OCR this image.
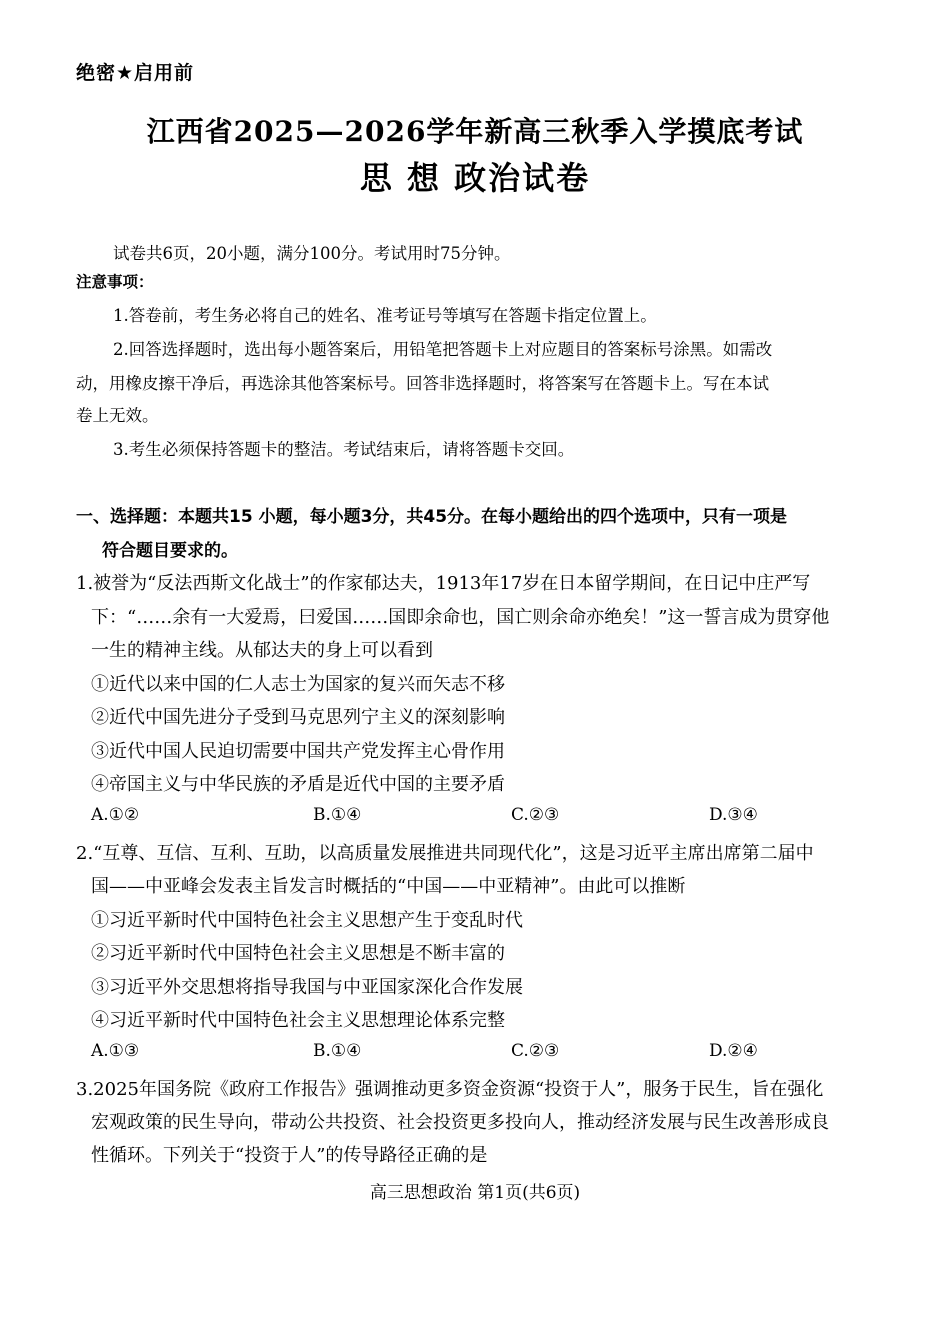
绝密★启用前
江西省2025—2026学年新高三秋季入学摸底考试
思 想 政治试卷
试卷共6页，20小题，满分100分。考试用时75分钟。
注意事项：
1.答卷前，考生务必将自己的姓名、准考证号等填写在答题卡指定位置上。
2.回答选择题时，选出每小题答案后，用铅笔把答题卡上对应题目的答案标号涂黑。如需改
动，用橡皮擦干净后，再选涂其他答案标号。回答非选择题时，将答案写在答题卡上。写在本试
卷上无效。
3.考生必须保持答题卡的整洁。考试结束后，请将答题卡交回。
一、选择题：本题共15 小题，每小题3分，共45分。在每小题给出的四个选项中，只有一项是
符合题目要求的。
1.被誉为“反法西斯文化战士”的作家郁达夫，1913年17岁在日本留学期间，在日记中庄严写
下：“……余有一大爱焉，曰爱国……国即余命也，国亡则余命亦绝矣！”这一誓言成为贯穿他
一生的精神主线。从郁达夫的身上可以看到
①近代以来中国的仁人志士为国家的复兴而矢志不移
②近代中国先进分子受到马克思列宁主义的深刻影响
③近代中国人民迫切需要中国共产党发挥主心骨作用
④帝国主义与中华民族的矛盾是近代中国的主要矛盾
A.①②	B.①④	C.②③	D.③④
2.“互尊、互信、互利、互助，以高质量发展推进共同现代化”，这是习近平主席出席第二届中
国——中亚峰会发表主旨发言时概括的“中国——中亚精神”。由此可以推断
①习近平新时代中国特色社会主义思想产生于变乱时代
②习近平新时代中国特色社会主义思想是不断丰富的
③习近平外交思想将指导我国与中亚国家深化合作发展
④习近平新时代中国特色社会主义思想理论体系完整
A.①③	B.①④	C.②③	D.②④
3.2025年国务院《政府工作报告》强调推动更多资金资源“投资于人”，服务于民生，旨在强化
宏观政策的民生导向，带动公共投资、社会投资更多投向人，推动经济发展与民生改善形成良
性循环。下列关于“投资于人”的传导路径正确的是
高三思想政治 第1页(共6页)
